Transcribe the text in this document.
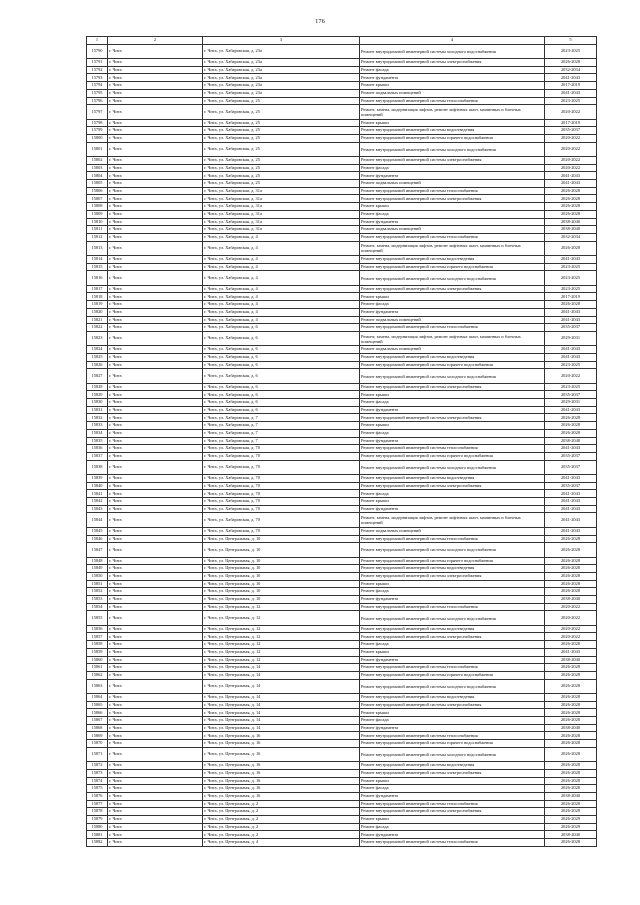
176
1	2	3	4	5
15790	г. Чита	г. Чита, ул. Хабаровская, д. 23а	Ремонт внутридомовой инженерной системы холодного водоснабжения	2023-2025
15791	г. Чита	г. Чита, ул. Хабаровская, д. 23а	Ремонт внутридомовой инженерной системы электроснабжения	2026-2028
15792	г. Чита	г. Чита, ул. Хабаровская, д. 23а	Ремонт фасада	2032-2034
15793	г. Чита	г. Чита, ул. Хабаровская, д. 23а	Ремонт фундамента	2041-2043
15794	г. Чита	г. Чита, ул. Хабаровская, д. 23а	Ремонт крыши	2017-2019
15795	г. Чита	г. Чита, ул. Хабаровская, д. 23а	Ремонт подвальных помещений	2041-2043
15796	г. Чита	г. Чита, ул. Хабаровская, д. 25	Ремонт внутридомовой инженерной системы теплоснабжения	2023-2025
15797	г. Чита	г. Чита, ул. Хабаровская, д. 25	Ремонт, замена, модернизация лифтов, ремонт лифтовых шахт, машинных и блочных помещений	2020-2022
15798	г. Чита	г. Чита, ул. Хабаровская, д. 25	Ремонт крыши	2017-2019
15799	г. Чита	г. Чита, ул. Хабаровская, д. 25	Ремонт внутридомовой инженерной системы водоотведения	2035-2037
15800	г. Чита	г. Чита, ул. Хабаровская, д. 25	Ремонт внутридомовой инженерной системы горячего водоснабжения	2020-2022
15801	г. Чита	г. Чита, ул. Хабаровская, д. 25	Ремонт внутридомовой инженерной системы холодного водоснабжения	2020-2022
15802	г. Чита	г. Чита, ул. Хабаровская, д. 25	Ремонт внутридомовой инженерной системы электроснабжения	2020-2022
15803	г. Чита	г. Чита, ул. Хабаровская, д. 25	Ремонт фасада	2020-2022
15804	г. Чита	г. Чита, ул. Хабаровская, д. 25	Ремонт фундамента	2041-2043
15805	г. Чита	г. Чита, ул. Хабаровская, д. 25	Ремонт подвальных помещений	2041-2043
15806	г. Чита	г. Чита, ул. Хабаровская, д. 31а	Ремонт внутридомовой инженерной системы теплоснабжения	2026-2028
15807	г. Чита	г. Чита, ул. Хабаровская, д. 31а	Ремонт внутридомовой инженерной системы электроснабжения	2026-2028
15808	г. Чита	г. Чита, ул. Хабаровская, д. 31а	Ремонт крыши	2026-2028
15809	г. Чита	г. Чита, ул. Хабаровская, д. 31а	Ремонт фасада	2026-2028
15810	г. Чита	г. Чита, ул. Хабаровская, д. 31а	Ремонт фундамента	2038-2040
15811	г. Чита	г. Чита, ул. Хабаровская, д. 31а	Ремонт подвальных помещений	2038-2040
15812	г. Чита	г. Чита, ул. Хабаровская, д. 4	Ремонт внутридомовой инженерной системы теплоснабжения	2032-2034
15813	г. Чита	г. Чита, ул. Хабаровская, д. 4	Ремонт, замена, модернизация лифтов, ремонт лифтовых шахт, машинных и блочных помещений	2026-2028
15814	г. Чита	г. Чита, ул. Хабаровская, д. 4	Ремонт внутридомовой инженерной системы водоотведения	2041-2043
15815	г. Чита	г. Чита, ул. Хабаровская, д. 4	Ремонт внутридомовой инженерной системы горячего водоснабжения	2023-2025
15816	г. Чита	г. Чита, ул. Хабаровская, д. 4	Ремонт внутридомовой инженерной системы холодного водоснабжения	2023-2025
15817	г. Чита	г. Чита, ул. Хабаровская, д. 4	Ремонт внутридомовой инженерной системы электроснабжения	2023-2025
15818	г. Чита	г. Чита, ул. Хабаровская, д. 4	Ремонт крыши	2017-2019
15819	г. Чита	г. Чита, ул. Хабаровская, д. 4	Ремонт фасада	2026-2028
15820	г. Чита	г. Чита, ул. Хабаровская, д. 4	Ремонт фундамента	2041-2043
15821	г. Чита	г. Чита, ул. Хабаровская, д. 4	Ремонт подвальных помещений	2041-2043
15822	г. Чита	г. Чита, ул. Хабаровская, д. 6	Ремонт внутридомовой инженерной системы теплоснабжения	2035-2037
15823	г. Чита	г. Чита, ул. Хабаровская, д. 6	Ремонт, замена, модернизация лифтов, ремонт лифтовых шахт, машинных и блочных помещений	2029-2031
15824	г. Чита	г. Чита, ул. Хабаровская, д. 6	Ремонт подвальных помещений	2041-2043
15825	г. Чита	г. Чита, ул. Хабаровская, д. 6	Ремонт внутридомовой инженерной системы водоотведения	2041-2043
15826	г. Чита	г. Чита, ул. Хабаровская, д. 6	Ремонт внутридомовой инженерной системы горячего водоснабжения	2023-2025
15827	г. Чита	г. Чита, ул. Хабаровская, д. 6	Ремонт внутридомовой инженерной системы холодного водоснабжения	2020-2022
15828	г. Чита	г. Чита, ул. Хабаровская, д. 6	Ремонт внутридомовой инженерной системы электроснабжения	2023-2025
15829	г. Чита	г. Чита, ул. Хабаровская, д. 6	Ремонт крыши	2035-2037
15830	г. Чита	г. Чита, ул. Хабаровская, д. 6	Ремонт фасада	2029-2031
15831	г. Чита	г. Чита, ул. Хабаровская, д. 6	Ремонт фундамента	2041-2043
15832	г. Чита	г. Чита, ул. Хабаровская, д. 7	Ремонт внутридомовой инженерной системы электроснабжения	2026-2028
15833	г. Чита	г. Чита, ул. Хабаровская, д. 7	Ремонт крыши	2026-2028
15834	г. Чита	г. Чита, ул. Хабаровская, д. 7	Ремонт фасада	2026-2028
15835	г. Чита	г. Чита, ул. Хабаровская, д. 7	Ремонт фундамента	2038-2040
15836	г. Чита	г. Чита, ул. Хабаровская, д. 70	Ремонт внутридомовой инженерной системы теплоснабжения	2041-2043
15837	г. Чита	г. Чита, ул. Хабаровская, д. 70	Ремонт внутридомовой инженерной системы горячего водоснабжения	2035-2037
15838	г. Чита	г. Чита, ул. Хабаровская, д. 70	Ремонт внутридомовой инженерной системы холодного водоснабжения	2035-2037
15839	г. Чита	г. Чита, ул. Хабаровская, д. 70	Ремонт внутридомовой инженерной системы водоотведения	2041-2043
15840	г. Чита	г. Чита, ул. Хабаровская, д. 70	Ремонт внутридомовой инженерной системы электроснабжения	2035-2037
15841	г. Чита	г. Чита, ул. Хабаровская, д. 70	Ремонт фасада	2041-2043
15842	г. Чита	г. Чита, ул. Хабаровская, д. 70	Ремонт крыши	2041-2043
15843	г. Чита	г. Чита, ул. Хабаровская, д. 70	Ремонт фундамента	2041-2043
15844	г. Чита	г. Чита, ул. Хабаровская, д. 70	Ремонт, замена, модернизация лифтов, ремонт лифтовых шахт, машинных и блочных помещений	2041-2043
15845	г. Чита	г. Чита, ул. Хабаровская, д. 70	Ремонт подвальных помещений	2041-2043
15846	г. Чита	г. Чита, ул. Центральная, д. 10	Ремонт внутридомовой инженерной системы теплоснабжения	2026-2028
15847	г. Чита	г. Чита, ул. Центральная, д. 10	Ремонт внутридомовой инженерной системы холодного водоснабжения	2026-2028
15848	г. Чита	г. Чита, ул. Центральная, д. 10	Ремонт внутридомовой инженерной системы горячего водоснабжения	2026-2028
15849	г. Чита	г. Чита, ул. Центральная, д. 10	Ремонт внутридомовой инженерной системы водоотведения	2026-2028
15850	г. Чита	г. Чита, ул. Центральная, д. 10	Ремонт внутридомовой инженерной системы электроснабжения	2026-2028
15851	г. Чита	г. Чита, ул. Центральная, д. 10	Ремонт крыши	2026-2028
15852	г. Чита	г. Чита, ул. Центральная, д. 10	Ремонт фасада	2026-2028
15853	г. Чита	г. Чита, ул. Центральная, д. 10	Ремонт фундамента	2038-2040
15854	г. Чита	г. Чита, ул. Центральная, д. 12	Ремонт внутридомовой инженерной системы теплоснабжения	2020-2022
15855	г. Чита	г. Чита, ул. Центральная, д. 12	Ремонт внутридомовой инженерной системы холодного водоснабжения	2020-2022
15856	г. Чита	г. Чита, ул. Центральная, д. 12	Ремонт внутридомовой инженерной системы водоотведения	2020-2022
15857	г. Чита	г. Чита, ул. Центральная, д. 12	Ремонт внутридомовой инженерной системы электроснабжения	2020-2022
15858	г. Чита	г. Чита, ул. Центральная, д. 12	Ремонт фасада	2026-2028
15859	г. Чита	г. Чита, ул. Центральная, д. 12	Ремонт крыши	2041-2043
15860	г. Чита	г. Чита, ул. Центральная, д. 12	Ремонт фундамента	2038-2040
15861	г. Чита	г. Чита, ул. Центральная, д. 14	Ремонт внутридомовой инженерной системы теплоснабжения	2026-2028
15862	г. Чита	г. Чита, ул. Центральная, д. 14	Ремонт внутридомовой инженерной системы горячего водоснабжения	2026-2028
15863	г. Чита	г. Чита, ул. Центральная, д. 14	Ремонт внутридомовой инженерной системы холодного водоснабжения	2026-2028
15864	г. Чита	г. Чита, ул. Центральная, д. 14	Ремонт внутридомовой инженерной системы водоотведения	2026-2028
15865	г. Чита	г. Чита, ул. Центральная, д. 14	Ремонт внутридомовой инженерной системы электроснабжения	2026-2028
15866	г. Чита	г. Чита, ул. Центральная, д. 14	Ремонт крыши	2026-2028
15867	г. Чита	г. Чита, ул. Центральная, д. 14	Ремонт фасада	2026-2028
15868	г. Чита	г. Чита, ул. Центральная, д. 14	Ремонт фундамента	2038-2040
15869	г. Чита	г. Чита, ул. Центральная, д. 16	Ремонт внутридомовой инженерной системы теплоснабжения	2026-2028
15870	г. Чита	г. Чита, ул. Центральная, д. 16	Ремонт внутридомовой инженерной системы горячего водоснабжения	2026-2028
15871	г. Чита	г. Чита, ул. Центральная, д. 16	Ремонт внутридомовой инженерной системы холодного водоснабжения	2026-2028
15872	г. Чита	г. Чита, ул. Центральная, д. 16	Ремонт внутридомовой инженерной системы водоотведения	2026-2028
15873	г. Чита	г. Чита, ул. Центральная, д. 16	Ремонт внутридомовой инженерной системы электроснабжения	2026-2028
15874	г. Чита	г. Чита, ул. Центральная, д. 16	Ремонт крыши	2026-2028
15875	г. Чита	г. Чита, ул. Центральная, д. 16	Ремонт фасада	2026-2028
15876	г. Чита	г. Чита, ул. Центральная, д. 16	Ремонт фундамента	2038-2040
15877	г. Чита	г. Чита, ул. Центральная, д. 2	Ремонт внутридомовой инженерной системы теплоснабжения	2026-2028
15878	г. Чита	г. Чита, ул. Центральная, д. 2	Ремонт внутридомовой инженерной системы электроснабжения	2026-2028
15879	г. Чита	г. Чита, ул. Центральная, д. 2	Ремонт крыши	2026-2029
15880	г. Чита	г. Чита, ул. Центральная, д. 2	Ремонт фасада	2026-2029
15881	г. Чита	г. Чита, ул. Центральная, д. 2	Ремонт фундамента	2038-2040
15882	г. Чита	г. Чита, ул. Центральная, д. 4	Ремонт внутридомовой инженерной системы теплоснабжения	2026-2028
